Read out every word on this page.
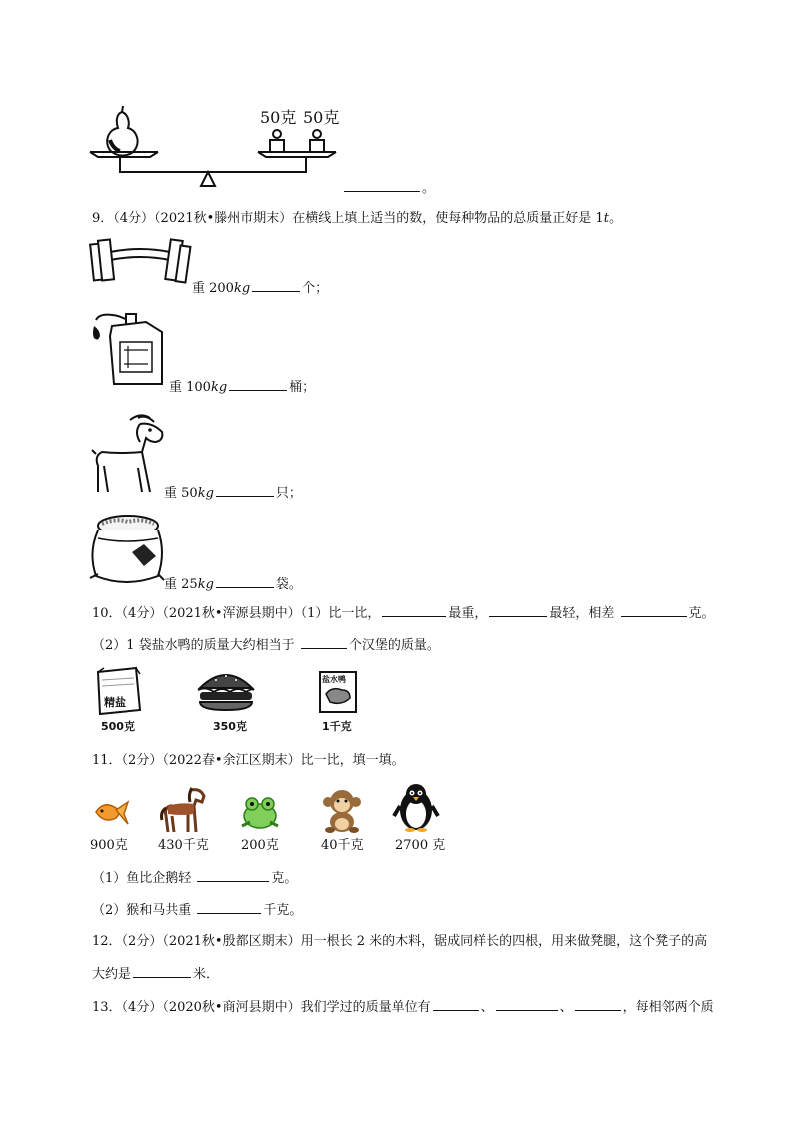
50克 50克
。
9．（4分）（2021秋•滕州市期末）在横线上填上适当的数，使每种物品的总质量正好是 1t。
重 200kg	个；
重 100kg	桶；
重 50kg	只；
重 25kg	袋。
10．（4分）（2021秋•浑源县期中）（1）比一比，	最重，	最轻，相差	克。
（2）1 袋盐水鸭的质量大约相当于	个汉堡的质量。
精盐
500克	350克
盐水鸭
1千克
11．（2分）（2022春•余江区期末）比一比，填一填。
900克 430千克 200克	40千克 2700 克
（1）鱼比企鹅轻	克。
（2）猴和马共重	千克。
12．（2分）（2021秋•殷都区期末）用一根长 2 米的木料，锯成同样长的四根，用来做凳腿，这个凳子的高
大约是	米．
13．（4分）（2020秋•商河县期中）我们学过的质量单位有	、	、	，每相邻两个质
